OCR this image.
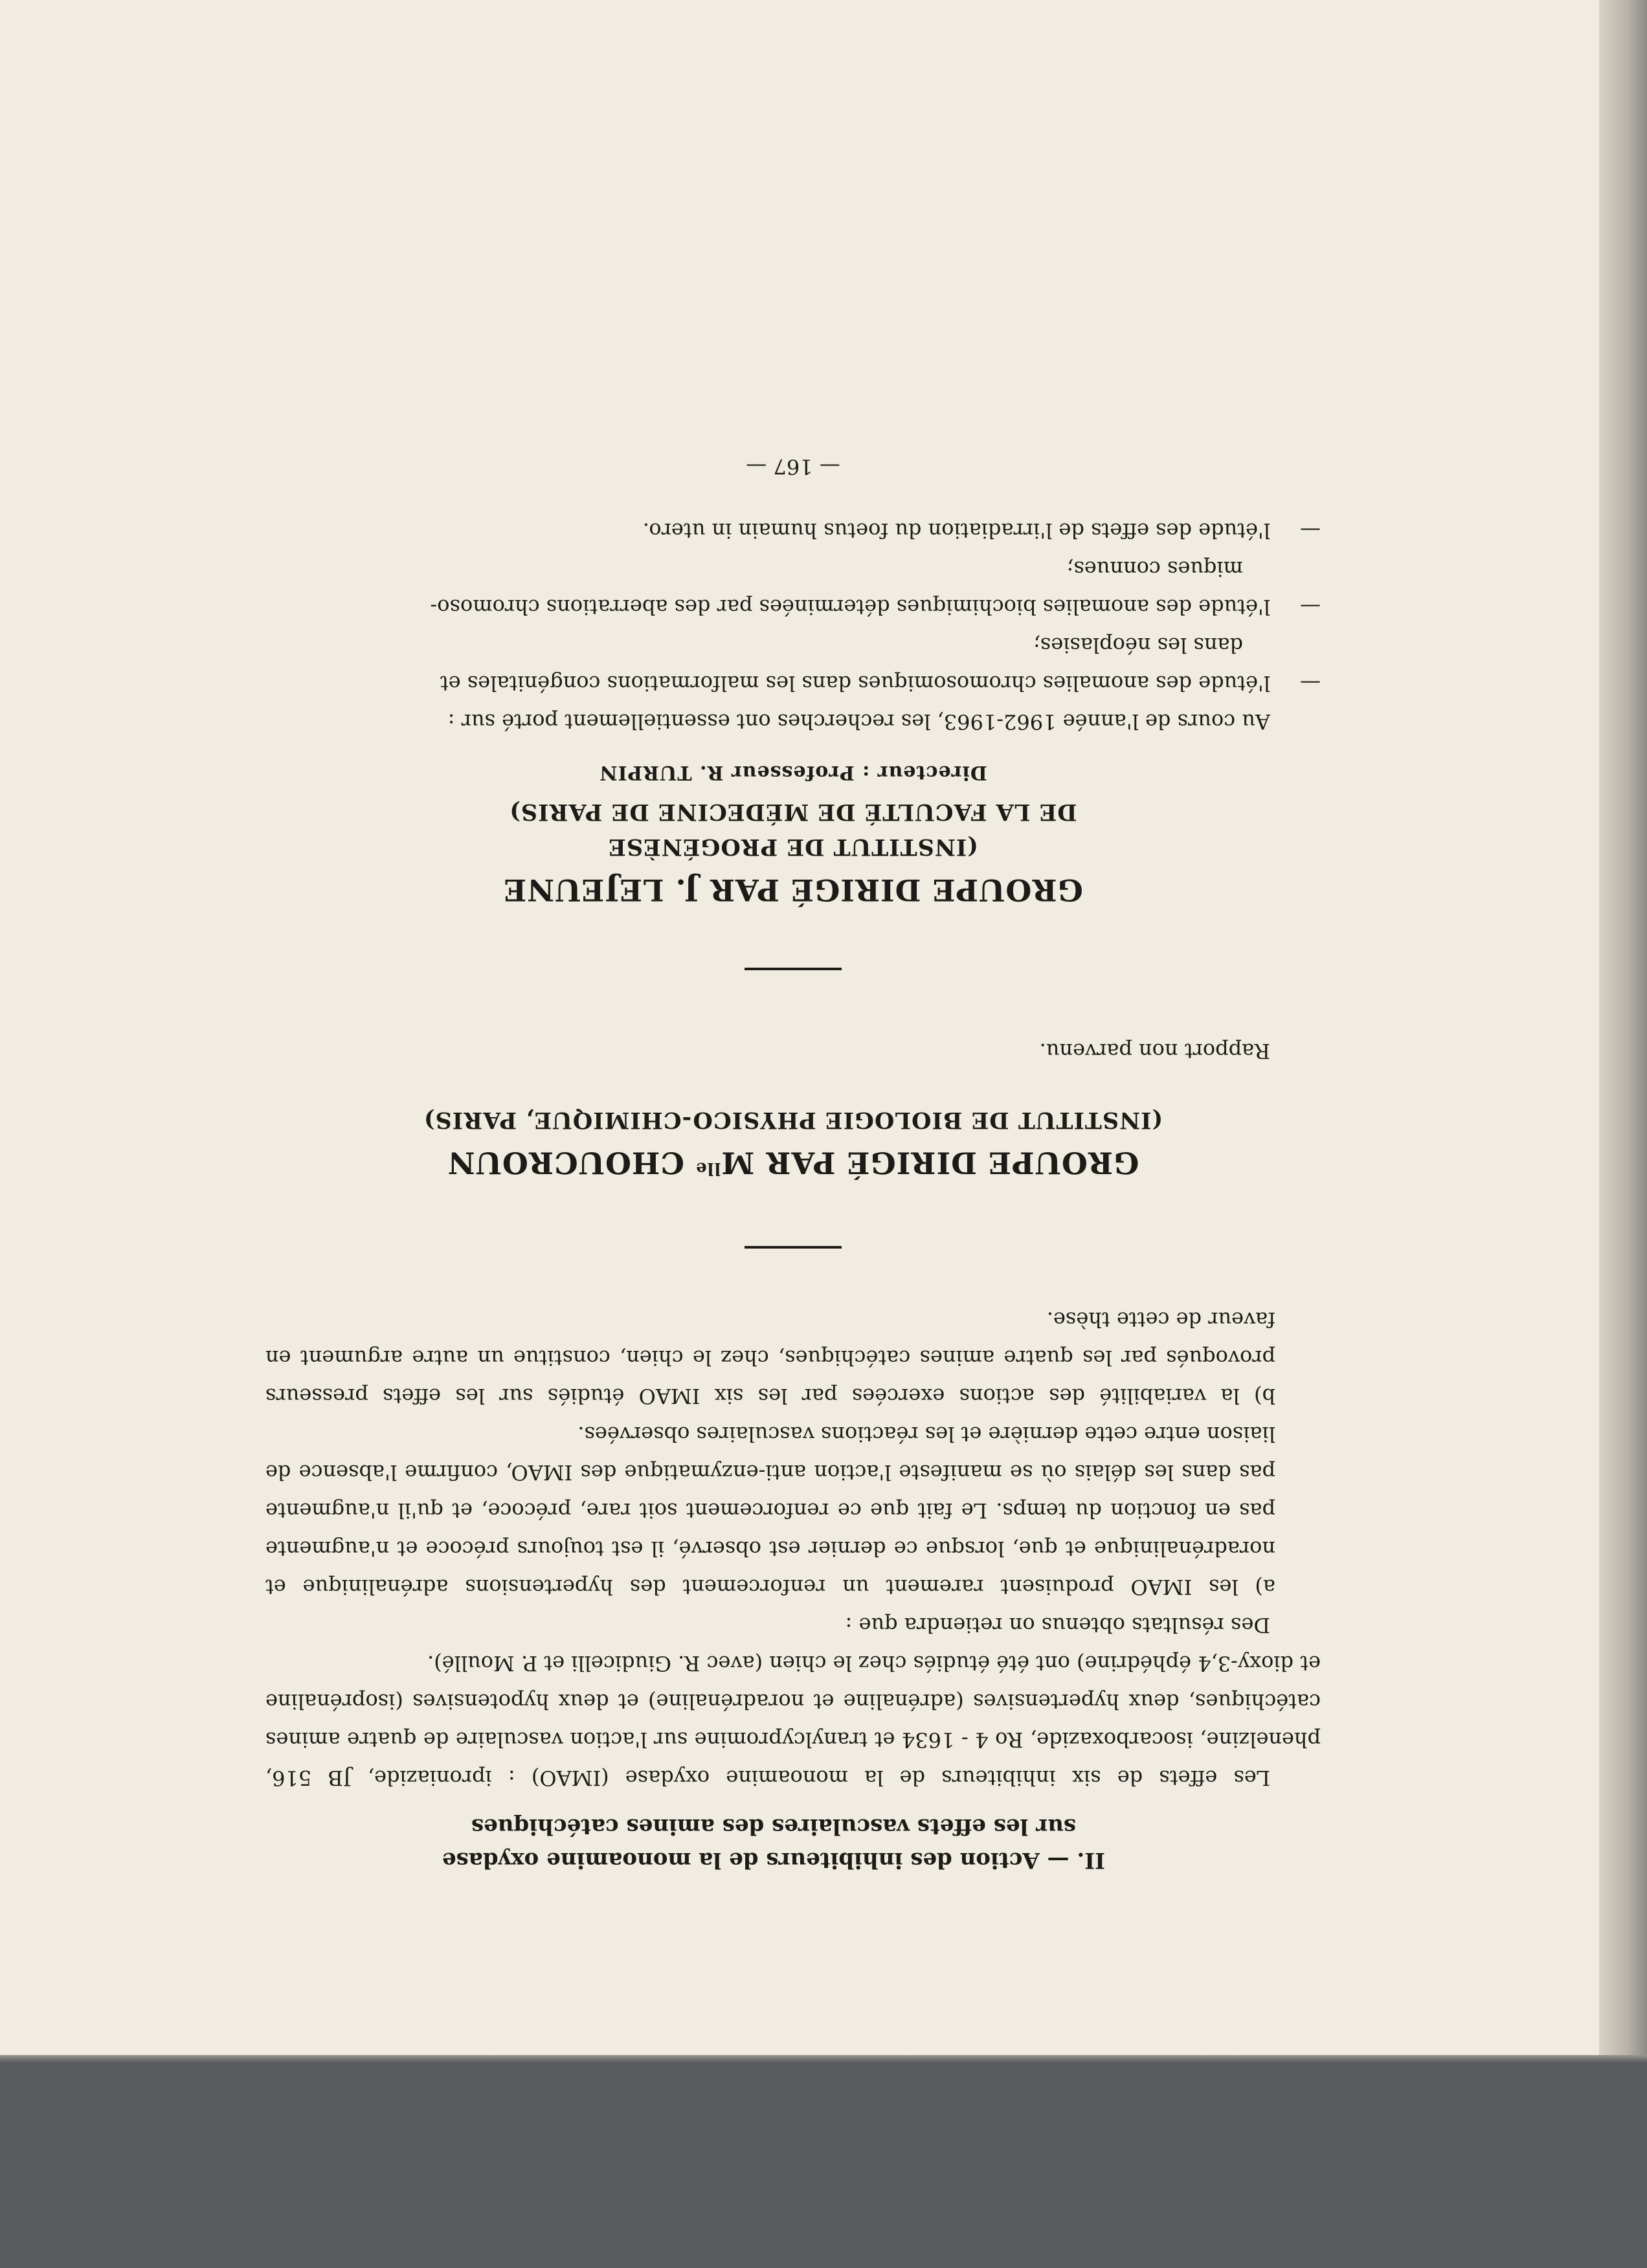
II. — Action des inhibiteurs de la monoamine oxydase
sur les effets vasculaires des amines catéchiques

Les effets de six inhibiteurs de la monoamine oxydase (IMAO) : iproniazide, JB 516, phenelzine, isocarboxazide, Ro 4 - 1634 et tranylcypromine sur l'action vasculaire de quatre amines catéchiques, deux hypertensives (adrénaline et noradrénaline) et deux hypotensives (isoprénaline et dioxy-3,4 éphédrine) ont été étudiés chez le chien (avec R. Giudicelli et P. Moullé).

Des résultats obtenus on retiendra que :

a) les IMAO produisent rarement un renforcement des hypertensions adrénalinique et noradrénalinique et que, lorsque ce dernier est observé, il est toujours précoce et n'augmente pas en fonction du temps. Le fait que ce renforcement soit rare, précoce, et qu'il n'augmente pas dans les délais où se manifeste l'action anti-enzymatique des IMAO, confirme l'absence de liaison entre cette dernière et les réactions vasculaires observées.

b) la variabilité des actions exercées par les six IMAO étudiés sur les effets presseurs provoqués par les quatre amines catéchiques, chez le chien, constitue un autre argument en faveur de cette thèse.

GROUPE DIRIGÉ PAR $M^{lle}$ CHOUCROUN
(INSTITUT DE BIOLOGIE PHYSICO-CHIMIQUE, PARIS)

Rapport non parvenu.

GROUPE DIRIGÉ PAR J. LEJEUNE
(INSTITUT DE PROGÉNÈSE
DE LA FACULTÉ DE MÉDECINE DE PARIS)
Directeur : Professeur R. TURPIN

Au cours de l'année 1962-1963, les recherches ont essentiellement porté sur :

—l'étude des anomalies chromosomiques dans les malformations congénitales et

dans les néoplasies;

—l'étude des anomalies biochimiques déterminées par des aberrations chromoso-

miques connues;

—l'étude des effets de l'irradiation du foetus humain in utero.

— 167 —
